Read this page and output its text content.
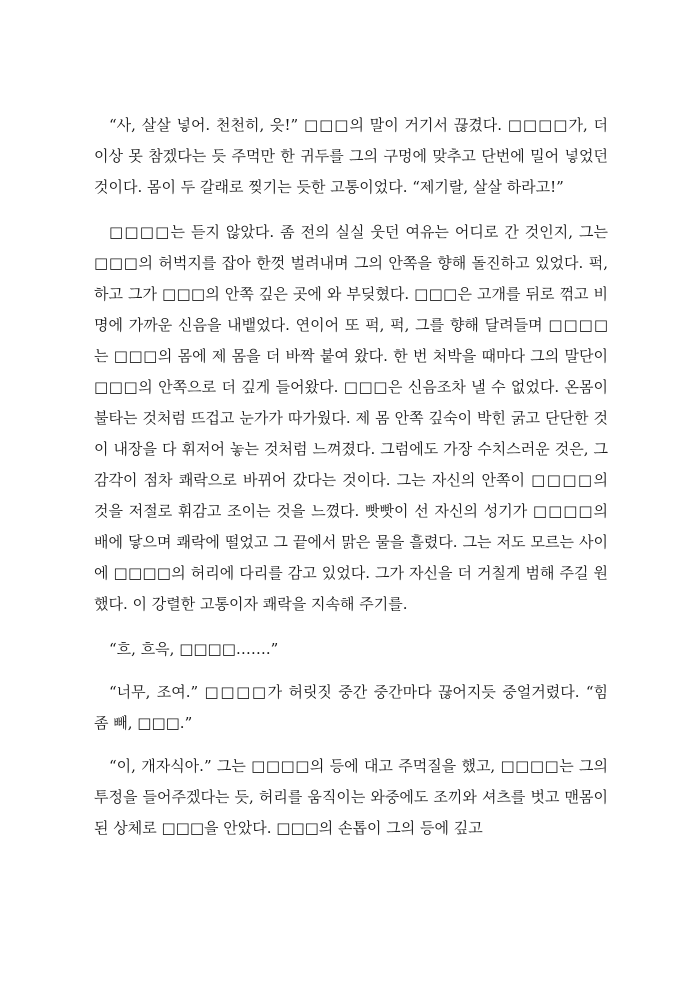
“사, 살살 넣어. 천천히, 읏!” □□□의 말이 거기서 끊겼다. □□□□가, 더 이상 못 참겠다는 듯 주먹만 한 귀두를 그의 구멍에 맞추고 단번에 밀어 넣었던 것이다. 몸이 두 갈래로 찢기는 듯한 고통이었다. “제기랄, 살살 하라고!”

□□□□는 듣지 않았다. 좀 전의 실실 웃던 여유는 어디로 간 것인지, 그는 □□□의 허벅지를 잡아 한껏 벌려내며 그의 안쪽을 향해 돌진하고 있었다. 퍽, 하고 그가 □□□의 안쪽 깊은 곳에 와 부딪혔다. □□□은 고개를 뒤로 꺾고 비명에 가까운 신음을 내뱉었다. 연이어 또 퍽, 퍽, 그를 향해 달려들며 □□□□는 □□□의 몸에 제 몸을 더 바짝 붙여 왔다. 한 번 처박을 때마다 그의 말단이 □□□의 안쪽으로 더 깊게 들어왔다. □□□은 신음조차 낼 수 없었다. 온몸이 불타는 것처럼 뜨겁고 눈가가 따가웠다. 제 몸 안쪽 깊숙이 박힌 굵고 단단한 것이 내장을 다 휘저어 놓는 것처럼 느껴졌다. 그럼에도 가장 수치스러운 것은, 그 감각이 점차 쾌락으로 바뀌어 갔다는 것이다. 그는 자신의 안쪽이 □□□□의 것을 저절로 휘감고 조이는 것을 느꼈다. 빳빳이 선 자신의 성기가 □□□□의 배에 닿으며 쾌락에 떨었고 그 끝에서 맑은 물을 흘렸다. 그는 저도 모르는 사이에 □□□□의 허리에 다리를 감고 있었다. 그가 자신을 더 거칠게 범해 주길 원했다. 이 강렬한 고통이자 쾌락을 지속해 주기를.

“흐, 흐윽, □□□□…….”

“너무, 조여.” □□□□가 허릿짓 중간 중간마다 끊어지듯 중얼거렸다. “힘 좀 빼, □□□.”

“이, 개자식아.” 그는 □□□□의 등에 대고 주먹질을 했고, □□□□는 그의 투정을 들어주겠다는 듯, 허리를 움직이는 와중에도 조끼와 셔츠를 벗고 맨몸이 된 상체로 □□□을 안았다. □□□의 손톱이 그의 등에 깊고
